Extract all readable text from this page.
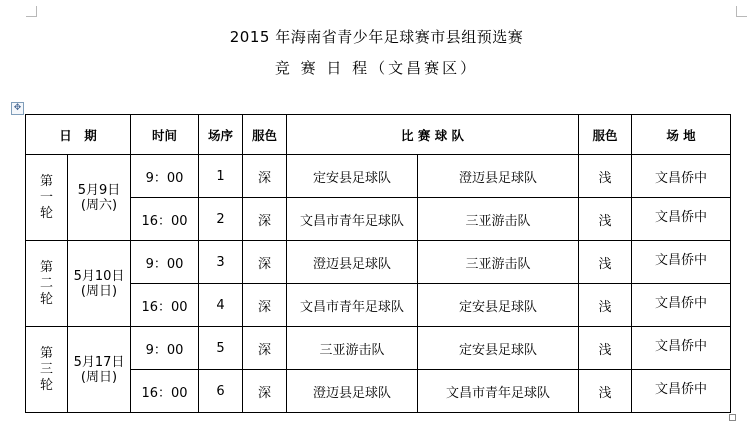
2015 年海南省青少年足球赛市县组预选赛
竞 赛 日 程（文昌赛区）
✥
日　期		时间	场序	服色	比 赛 球 队		服色	场 地

第
一
轮	5月9日
(周六)	9：00	1	深	定安县足球队	澄迈县足球队	浅	文昌侨中
		16：00	2	深	文昌市青年足球队	三亚游击队	浅	文昌侨中

第
二
轮	5月10日
(周日)	9：00	3	深	澄迈县足球队	三亚游击队	浅	文昌侨中
		16：00	4	深	文昌市青年足球队	定安县足球队	浅	文昌侨中

第
三
轮	5月17日
(周日)	9：00	5	深	三亚游击队	定安县足球队	浅	文昌侨中
		16：00	6	深	澄迈县足球队	文昌市青年足球队	浅	文昌侨中
